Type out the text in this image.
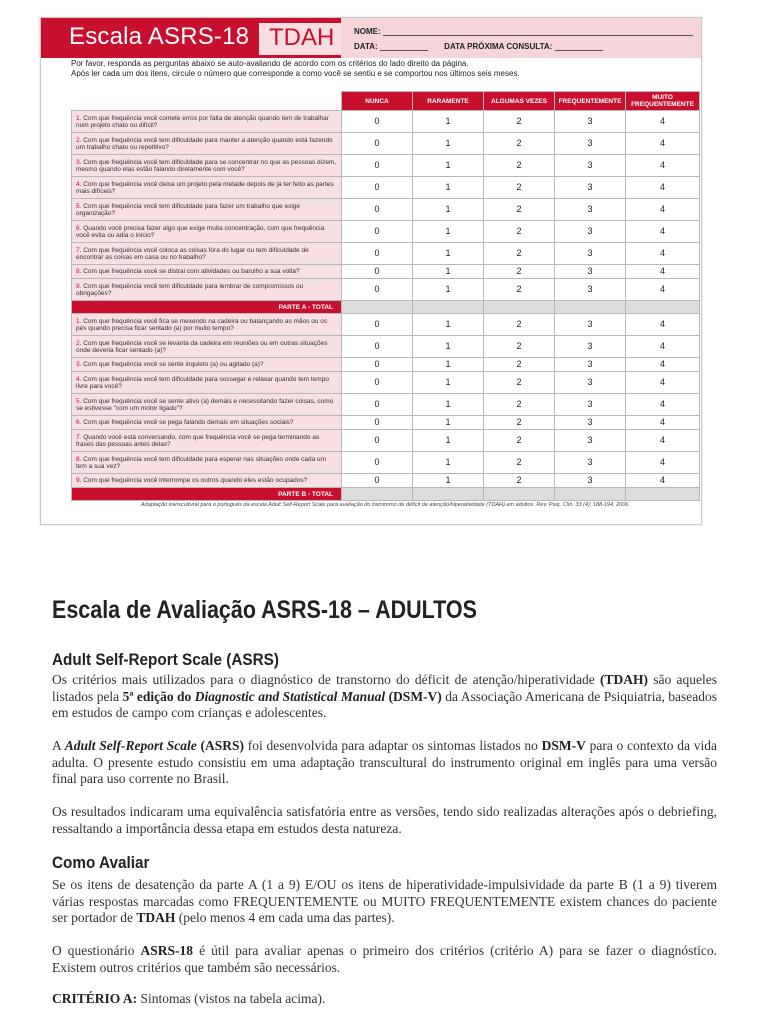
Escala ASRS-18 TDAH NOME:
DATA:	DATA PRÓXIMA CONSULTA:
Por favor, responda as perguntas abaixo se auto-avaliando de acordo com os critérios do lado direito da página.
Após ler cada um dos itens, circule o número que corresponde a como você se sentiu e se comportou nos últimos seis meses.
	NUNCA	RARAMENTE	ALGUMAS VEZES	FREQUENTEMENTE	MUITO FREQUENTEMENTE
1. Com que frequência você comete erros por falta de atenção quando tem de trabalhar num projeto chato ou difícil?	0	1	2	3	4
2. Com que frequência você tem dificuldade para manter a atenção quando está fazendo um trabalho chato ou repetitivo?	0	1	2	3	4
3. Com que frequência você tem dificuldade para se concentrar no que as pessoas dizem, mesmo quando elas estão falando diretamente com você?	0	1	2	3	4
4. Com que frequência você deixa um projeto pela metade depois de já ter feito as partes mais difíceis?	0	1	2	3	4
5. Com que frequência você tem dificuldade para fazer um trabalho que exige organização?	0	1	2	3	4
6. Quando você precisa fazer algo que exige muita concentração, com que frequência você evita ou adia o início?	0	1	2	3	4
7. Com que frequência você coloca as coisas fora do lugar ou tem dificuldade de encontrar as coisas em casa ou no trabalho?	0	1	2	3	4
8. Com que frequência você se distrai com atividades ou barulho a sua volta?	0	1	2	3	4
9. Com que frequência você tem dificuldade para lembrar de compromissos ou obrigações?	0	1	2	3	4
PARTE A - TOTAL					
1. Com que frequência você fica se mexendo na cadeira ou balançando as mãos ou os pés quando precisa ficar sentado (a) por muito tempo?	0	1	2	3	4
2. Com que frequência você se levanta da cadeira em reuniões ou em outras situações onde deveria ficar sentado (a)?	0	1	2	3	4
3. Com que frequência você se sente inquieto (a) ou agitado (a)?	0	1	2	3	4
4. Com que frequência você tem dificuldade para sossegar e relaxar quando tem tempo livre para você?	0	1	2	3	4
5. Com que frequência você se sente ativo (a) demais e necessitando fazer coisas, como se estivesse "com um motor ligado"?	0	1	2	3	4
6. Com que frequência você se pega falando demais em situações sociais?	0	1	2	3	4
7. Quando você está conversando, com que frequência você se pega terminando as frases das pessoas antes delas?	0	1	2	3	4
8. Com que frequência você tem dificuldade para esperar nas situações onde cada um tem a sua vez?	0	1	2	3	4
9. Com que frequência você interrompe os outros quando eles estão ocupados?	0	1	2	3	4
PARTE B - TOTAL					
Adaptação transcultural para o português da escala Adult Self-Report Scale para avaliação do transtorno de déficit de atenção/hiperatividade (TDAH) em adultos. Rev. Psiq. Clín. 33 (4); 188-194, 2006.
Escala de Avaliação ASRS-18 – ADULTOS
Adult Self-Report Scale (ASRS)

Os critérios mais utilizados para o diagnóstico de transtorno do déficit de atenção/hiperatividade (TDAH) são aqueles listados pela 5ª edição do Diagnostic and Statistical Manual (DSM-V) da Associação Americana de Psiquiatria, baseados em estudos de campo com crianças e adolescentes.

A Adult Self-Report Scale (ASRS) foi desenvolvida para adaptar os sintomas listados no DSM-V para o contexto da vida adulta. O presente estudo consistiu em uma adaptação transcultural do instrumento original em inglês para uma versão final para uso corrente no Brasil.

Os resultados indicaram uma equivalência satisfatória entre as versões, tendo sido realizadas alterações após o debriefing, ressaltando a importância dessa etapa em estudos desta natureza.

Como Avaliar

Se os itens de desatenção da parte A (1 a 9) E/OU os itens de hiperatividade-impulsividade da parte B (1 a 9) tiverem várias respostas marcadas como FREQUENTEMENTE ou MUITO FREQUENTEMENTE existem chances do paciente ser portador de TDAH (pelo menos 4 em cada uma das partes).

O questionário ASRS-18 é útil para avaliar apenas o primeiro dos critérios (critério A) para se fazer o diagnóstico. Existem outros critérios que também são necessários.

CRITÉRIO A: Sintomas (vistos na tabela acima).
